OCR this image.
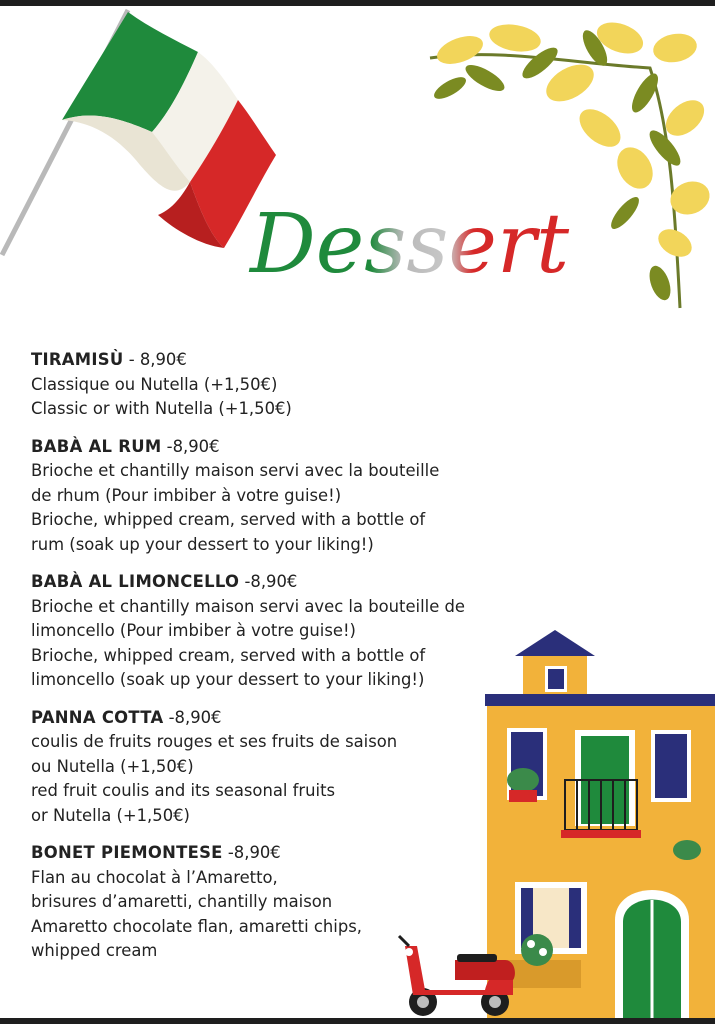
Dessert
TIRAMISÙ - 8,90€
Classique ou Nutella (+1,50€)
Classic or with Nutella (+1,50€)
BABÀ AL RUM -8,90€
Brioche et chantilly maison servi avec la bouteille
de rhum (Pour imbiber à votre guise!)
Brioche, whipped cream, served with a bottle of
rum (soak up your dessert to your liking!)
BABÀ AL LIMONCELLO -8,90€
Brioche et chantilly maison servi avec la bouteille de
limoncello (Pour imbiber à votre guise!)
Brioche, whipped cream, served with a bottle of
limoncello (soak up your dessert to your liking!)
PANNA COTTA -8,90€
coulis de fruits rouges et ses fruits de saison
ou Nutella (+1,50€)
red fruit coulis and its seasonal fruits
or Nutella (+1,50€)
BONET PIEMONTESE -8,90€
Flan au chocolat à l’Amaretto,
brisures d’amaretti, chantilly maison
Amaretto chocolate flan, amaretti chips,
whipped cream
